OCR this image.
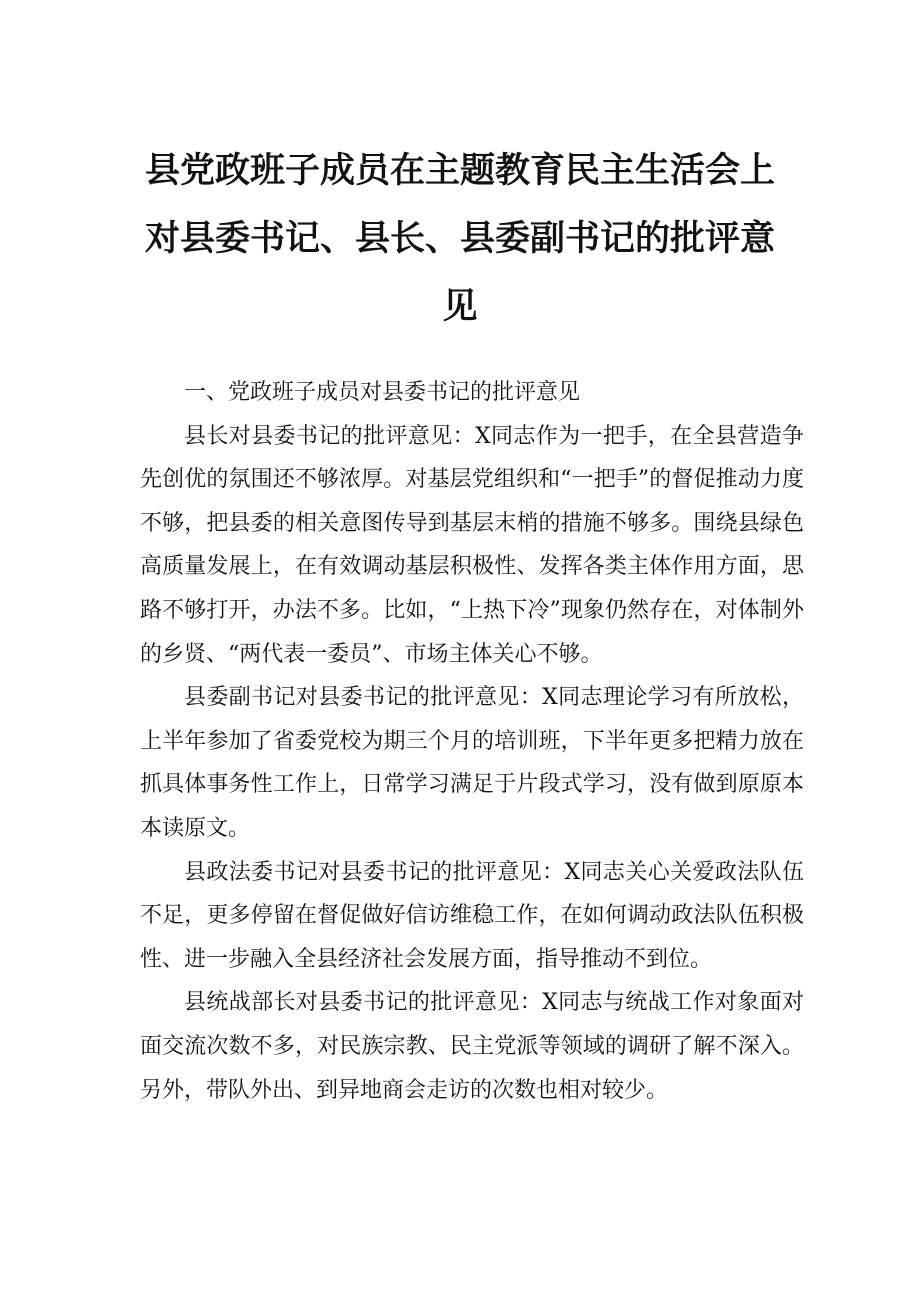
县党政班子成员在主题教育民主生活会上
对县委书记、县长、县委副书记的批评意
见

一、党政班子成员对县委书记的批评意见

县长对县委书记的批评意见：X同志作为一把手，在全县营造争先创优的氛围还不够浓厚。对基层党组织和“一把手”的督促推动力度不够，把县委的相关意图传导到基层末梢的措施不够多。围绕县绿色高质量发展上，在有效调动基层积极性、发挥各类主体作用方面，思路不够打开，办法不多。比如，“上热下冷”现象仍然存在，对体制外的乡贤、“两代表一委员”、市场主体关心不够。

县委副书记对县委书记的批评意见：X同志理论学习有所放松，上半年参加了省委党校为期三个月的培训班，下半年更多把精力放在抓具体事务性工作上，日常学习满足于片段式学习，没有做到原原本本读原文。

县政法委书记对县委书记的批评意见：X同志关心关爱政法队伍不足，更多停留在督促做好信访维稳工作，在如何调动政法队伍积极性、进一步融入全县经济社会发展方面，指导推动不到位。

县统战部长对县委书记的批评意见：X同志与统战工作对象面对面交流次数不多，对民族宗教、民主党派等领域的调研了解不深入。另外，带队外出、到异地商会走访的次数也相对较少。
